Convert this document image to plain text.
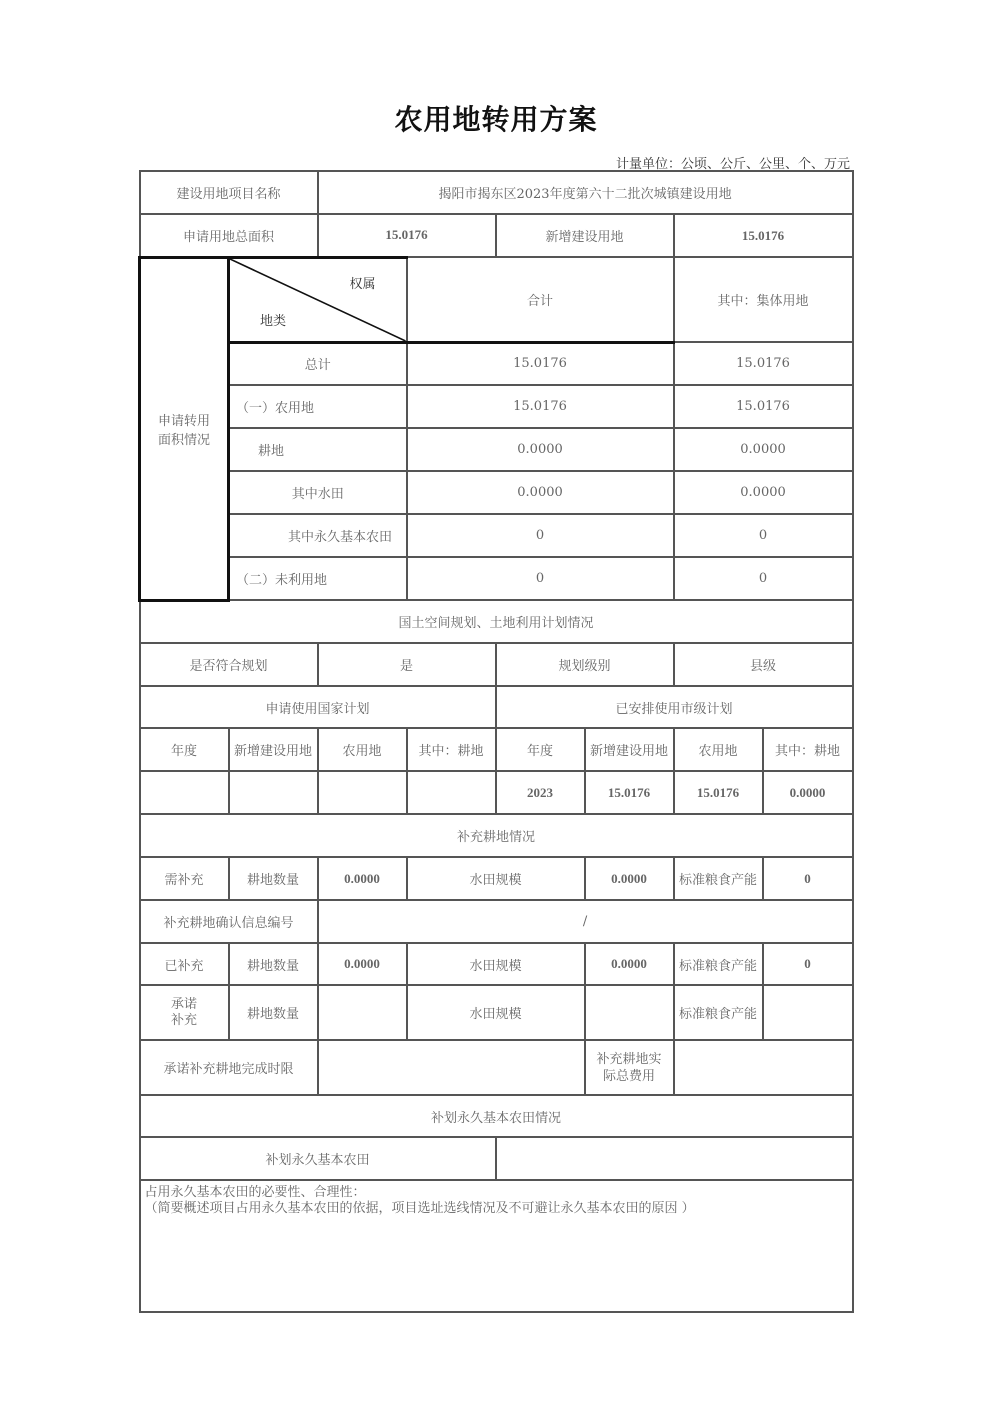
农用地转用方案
计量单位：公顷、公斤、公里、个、万元
建设用地项目名称		揭阳市揭东区2023年度第六十二批次城镇建设用地					
申请用地总面积		15.0176		新增建设用地		15.0176	
申请转用面积情况	权属
地类		合计			其中：集体用地	
	总计		15.0176			15.0176	
	（一）农用地		15.0176			15.0176	
	耕地		0.0000			0.0000	
	其中水田		0.0000			0.0000	
	其中永久基本农田		0			0	
	（二）未利用地		0			0	
国土空间规划、土地利用计划情况							
是否符合规划		是		规划级别		县级	
申请使用国家计划				已安排使用市级计划			
年度	新增建设用地	农用地	其中：耕地	年度	新增建设用地	农用地	其中：耕地
				2023	15.0176	15.0176	0.0000
补充耕地情况							
需补充	耕地数量	0.0000	水田规模		0.0000	标准粮食产能	0
补充耕地确认信息编号		/					
已补充	耕地数量	0.0000	水田规模		0.0000	标准粮食产能	0
承诺补充	耕地数量		水田规模			标准粮食产能	
承诺补充耕地完成时限					补充耕地实际总费用		
补划永久基本农田情况							
补划永久基本农田							

占用永久基本农田的必要性、合理性：
（简要概述项目占用永久基本农田的依据，项目选址选线情况及不可避让永久基本农田的原因 ）							
